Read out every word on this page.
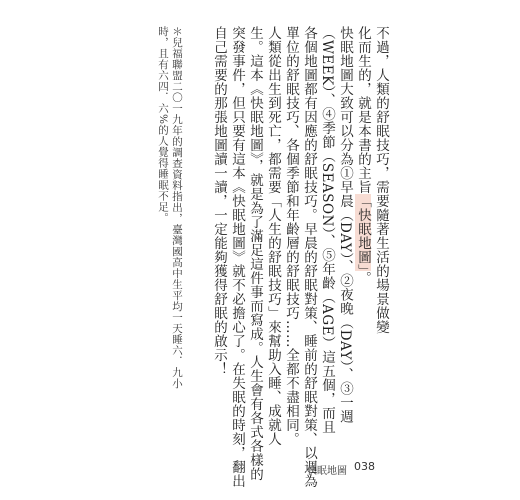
不過，人類的舒眠技巧，需要隨著生活的場景做變
化而生的，就是本書的主旨「快眠地圖」。
快眠地圖大致可以分為①早晨（DAY）、②夜晚（DAY）、③一週
（WEEK）、④季節（SEASON）、⑤年齡（AGE）這五個，而且
各個地圖都有因應的舒眠技巧。早晨的舒眠對策、睡前的舒眠對策、以週為
單位的舒眠技巧、各個季節和年齡層的舒眠技巧……全都不盡相同。
人類從出生到死亡，都需要「人生的舒眠技巧」來幫助入睡、成就人
生。這本《快眠地圖》，就是為了滿足這件事而寫成。人生會有各式各樣的
突發事件，但只要有這本《快眠地圖》就不必擔心了。在失眠的時刻，翻出
自己需要的那張地圖讀一讀，一定能夠獲得舒眠的啟示！
＊兒福聯盟二〇一九年的調查資料指出，臺灣國高中生平均一天睡六．九小
時，且有六四．六%的人覺得睡眠不足。
快眠地圖 038
